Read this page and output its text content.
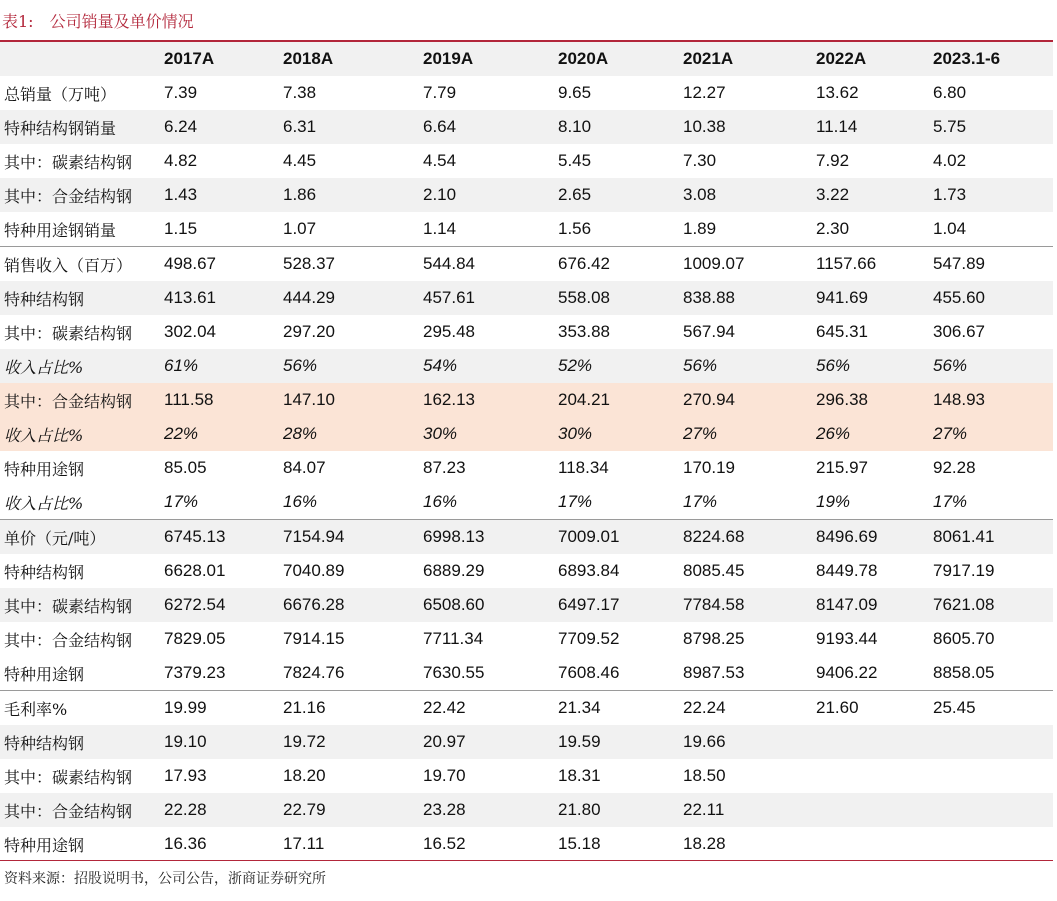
表1:　公司销量及单价情况
	2017A	2018A	2019A	2020A	2021A	2022A	2023.1-6
总销量（万吨）	7.39	7.38	7.79	9.65	12.27	13.62	6.80
特种结构钢销量	6.24	6.31	6.64	8.10	10.38	11.14	5.75
其中：碳素结构钢	4.82	4.45	4.54	5.45	7.30	7.92	4.02
其中：合金结构钢	1.43	1.86	2.10	2.65	3.08	3.22	1.73
特种用途钢销量	1.15	1.07	1.14	1.56	1.89	2.30	1.04
销售收入（百万）	498.67	528.37	544.84	676.42	1009.07	1157.66	547.89
特种结构钢	413.61	444.29	457.61	558.08	838.88	941.69	455.60
其中：碳素结构钢	302.04	297.20	295.48	353.88	567.94	645.31	306.67
收入占比%	61%	56%	54%	52%	56%	56%	56%
其中：合金结构钢	111.58	147.10	162.13	204.21	270.94	296.38	148.93
收入占比%	22%	28%	30%	30%	27%	26%	27%
特种用途钢	85.05	84.07	87.23	118.34	170.19	215.97	92.28
收入占比%	17%	16%	16%	17%	17%	19%	17%
单价（元/吨）	6745.13	7154.94	6998.13	7009.01	8224.68	8496.69	8061.41
特种结构钢	6628.01	7040.89	6889.29	6893.84	8085.45	8449.78	7917.19
其中：碳素结构钢	6272.54	6676.28	6508.60	6497.17	7784.58	8147.09	7621.08
其中：合金结构钢	7829.05	7914.15	7711.34	7709.52	8798.25	9193.44	8605.70
特种用途钢	7379.23	7824.76	7630.55	7608.46	8987.53	9406.22	8858.05
毛利率%	19.99	21.16	22.42	21.34	22.24	21.60	25.45
特种结构钢	19.10	19.72	20.97	19.59	19.66		
其中：碳素结构钢	17.93	18.20	19.70	18.31	18.50		
其中：合金结构钢	22.28	22.79	23.28	21.80	22.11		
特种用途钢	16.36	17.11	16.52	15.18	18.28		
资料来源：招股说明书，公司公告，浙商证券研究所
